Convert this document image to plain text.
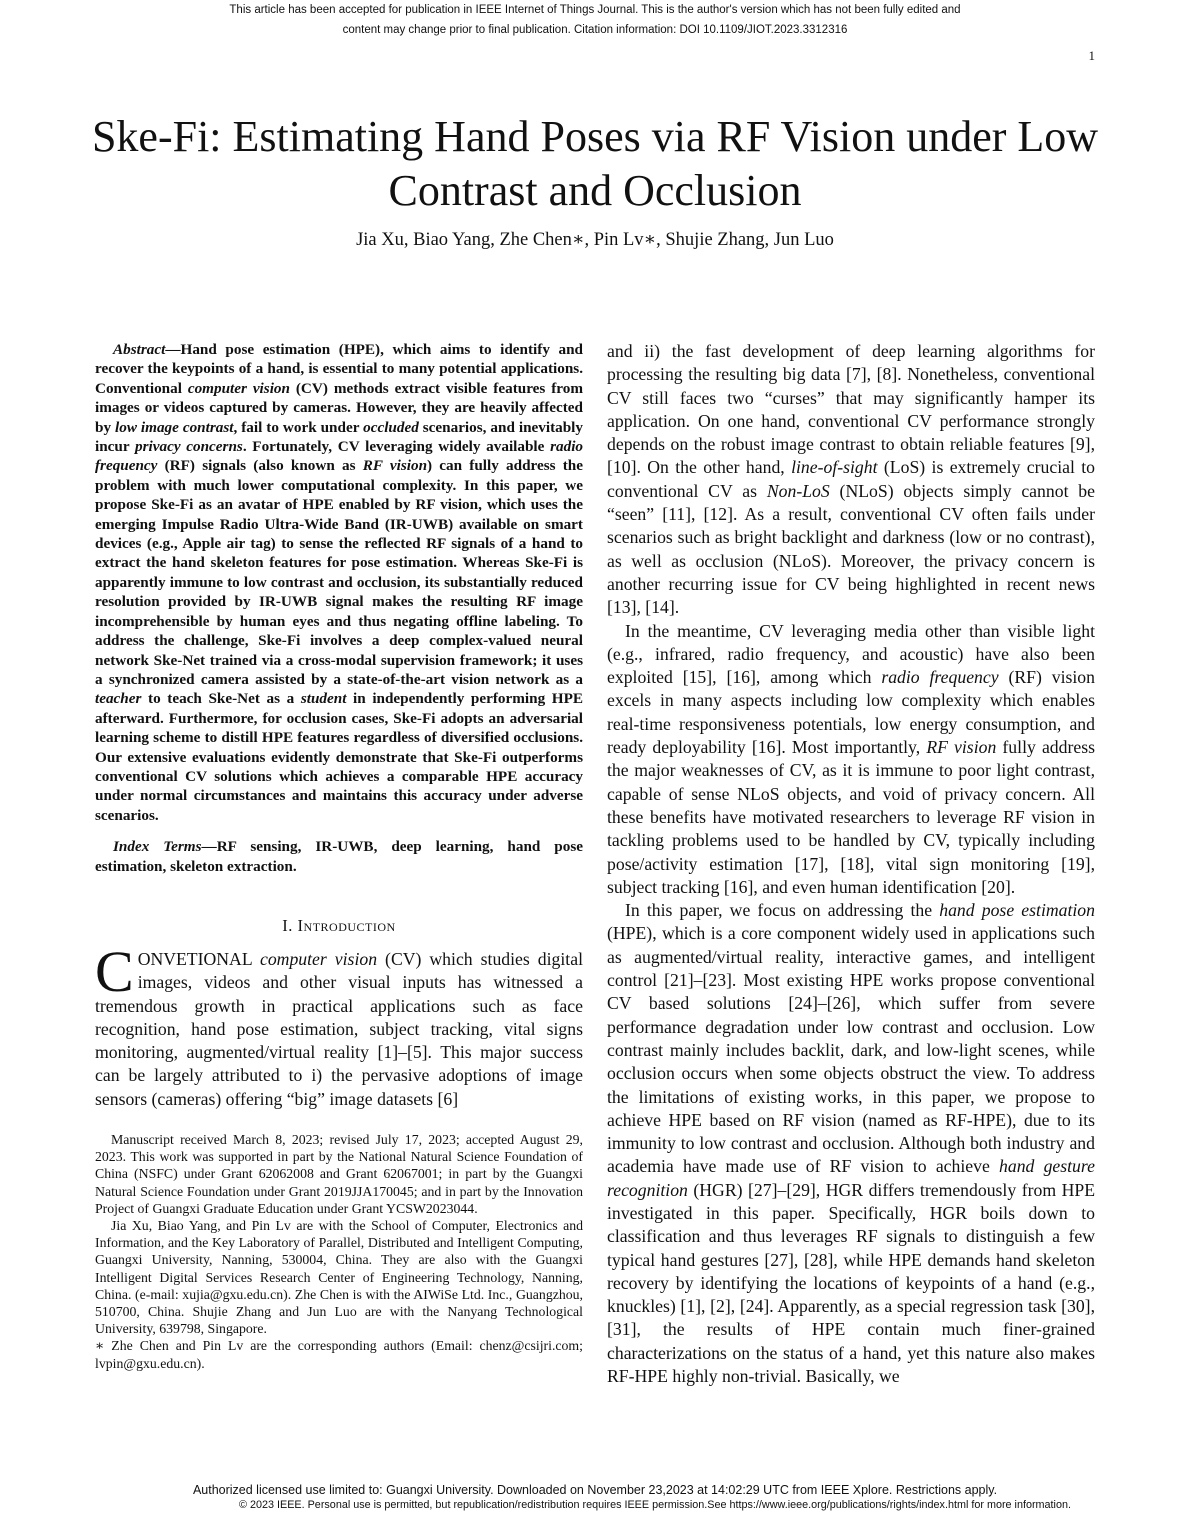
This article has been accepted for publication in IEEE Internet of Things Journal. This is the author's version which has not been fully edited and
content may change prior to final publication. Citation information: DOI 10.1109/JIOT.2023.3312316
1
Ske-Fi: Estimating Hand Poses via RF Vision under Low Contrast and Occlusion
Jia Xu, Biao Yang, Zhe Chen∗, Pin Lv∗, Shujie Zhang, Jun Luo

Abstract—Hand pose estimation (HPE), which aims to identify and recover the keypoints of a hand, is essential to many potential applications. Conventional computer vision (CV) methods extract visible features from images or videos captured by cameras. However, they are heavily affected by low image contrast, fail to work under occluded scenarios, and inevitably incur privacy concerns. Fortunately, CV leveraging widely available radio frequency (RF) signals (also known as RF vision) can fully address the problem with much lower computational complexity. In this paper, we propose Ske-Fi as an avatar of HPE enabled by RF vision, which uses the emerging Impulse Radio Ultra-Wide Band (IR-UWB) available on smart devices (e.g., Apple air tag) to sense the reflected RF signals of a hand to extract the hand skeleton features for pose estimation. Whereas Ske-Fi is apparently immune to low contrast and occlusion, its substantially reduced resolution provided by IR-UWB signal makes the resulting RF image incomprehensible by human eyes and thus negating offline labeling. To address the challenge, Ske-Fi involves a deep complex-valued neural network Ske-Net trained via a cross-modal supervision framework; it uses a synchronized camera assisted by a state-of-the-art vision network as a teacher to teach Ske-Net as a student in independently performing HPE afterward. Furthermore, for occlusion cases, Ske-Fi adopts an adversarial learning scheme to distill HPE features regardless of diversified occlusions. Our extensive evaluations evidently demonstrate that Ske-Fi outperforms conventional CV solutions which achieves a comparable HPE accuracy under normal circumstances and maintains this accuracy under adverse scenarios.

Index Terms—RF sensing, IR-UWB, deep learning, hand pose estimation, skeleton extraction.

I. Introduction

CONVETIONAL computer vision (CV) which studies digital images, videos and other visual inputs has witnessed a tremendous growth in practical applications such as face recognition, hand pose estimation, subject tracking, vital signs monitoring, augmented/virtual reality [1]–[5]. This major success can be largely attributed to i) the pervasive adoptions of image sensors (cameras) offering “big” image datasets [6]

Manuscript received March 8, 2023; revised July 17, 2023; accepted August 29, 2023. This work was supported in part by the National Natural Science Foundation of China (NSFC) under Grant 62062008 and Grant 62067001; in part by the Guangxi Natural Science Foundation under Grant 2019JJA170045; and in part by the Innovation Project of Guangxi Graduate Education under Grant YCSW2023044.

Jia Xu, Biao Yang, and Pin Lv are with the School of Computer, Electronics and Information, and the Key Laboratory of Parallel, Distributed and Intelligent Computing, Guangxi University, Nanning, 530004, China. They are also with the Guangxi Intelligent Digital Services Research Center of Engineering Technology, Nanning, China. (e-mail: xujia@gxu.edu.cn). Zhe Chen is with the AIWiSe Ltd. Inc., Guangzhou, 510700, China. Shujie Zhang and Jun Luo are with the Nanyang Technological University, 639798, Singapore.

∗ Zhe Chen and Pin Lv are the corresponding authors (Email: chenz@csijri.com; lvpin@gxu.edu.cn).

and ii) the fast development of deep learning algorithms for processing the resulting big data [7], [8]. Nonetheless, conventional CV still faces two “curses” that may significantly hamper its application. On one hand, conventional CV performance strongly depends on the robust image contrast to obtain reliable features [9], [10]. On the other hand, line-of-sight (LoS) is extremely crucial to conventional CV as Non-LoS (NLoS) objects simply cannot be “seen” [11], [12]. As a result, conventional CV often fails under scenarios such as bright backlight and darkness (low or no contrast), as well as occlusion (NLoS). Moreover, the privacy concern is another recurring issue for CV being highlighted in recent news [13], [14].

In the meantime, CV leveraging media other than visible light (e.g., infrared, radio frequency, and acoustic) have also been exploited [15], [16], among which radio frequency (RF) vision excels in many aspects including low complexity which enables real-time responsiveness potentials, low energy consumption, and ready deployability [16]. Most importantly, RF vision fully address the major weaknesses of CV, as it is immune to poor light contrast, capable of sense NLoS objects, and void of privacy concern. All these benefits have motivated researchers to leverage RF vision in tackling problems used to be handled by CV, typically including pose/activity estimation [17], [18], vital sign monitoring [19], subject tracking [16], and even human identification [20].

In this paper, we focus on addressing the hand pose estimation (HPE), which is a core component widely used in applications such as augmented/virtual reality, interactive games, and intelligent control [21]–[23]. Most existing HPE works propose conventional CV based solutions [24]–[26], which suffer from severe performance degradation under low contrast and occlusion. Low contrast mainly includes backlit, dark, and low-light scenes, while occlusion occurs when some objects obstruct the view. To address the limitations of existing works, in this paper, we propose to achieve HPE based on RF vision (named as RF-HPE), due to its immunity to low contrast and occlusion. Although both industry and academia have made use of RF vision to achieve hand gesture recognition (HGR) [27]–[29], HGR differs tremendously from HPE investigated in this paper. Specifically, HGR boils down to classification and thus leverages RF signals to distinguish a few typical hand gestures [27], [28], while HPE demands hand skeleton recovery by identifying the locations of keypoints of a hand (e.g., knuckles) [1], [2], [24]. Apparently, as a special regression task [30], [31], the results of HPE contain much finer-grained characterizations on the status of a hand, yet this nature also makes RF-HPE highly non-trivial. Basically, we

Authorized licensed use limited to: Guangxi University. Downloaded on November 23,2023 at 14:02:29 UTC from IEEE Xplore. Restrictions apply.
© 2023 IEEE. Personal use is permitted, but republication/redistribution requires IEEE permission.See https://www.ieee.org/publications/rights/index.html for more information.
